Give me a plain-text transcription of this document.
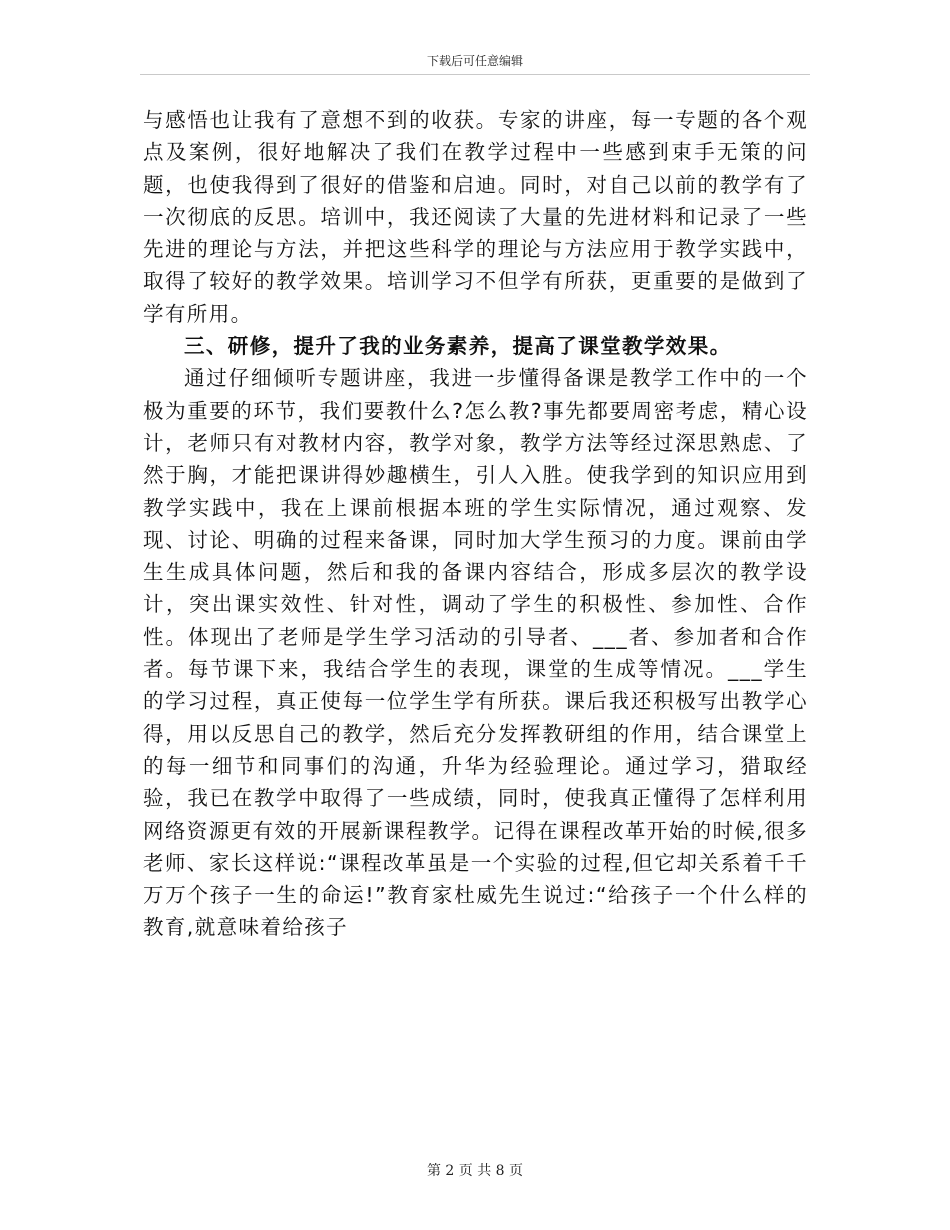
下载后可任意编辑

与感悟也让我有了意想不到的收获。专家的讲座，每一专题的各个观点及案例，很好地解决了我们在教学过程中一些感到束手无策的问题，也使我得到了很好的借鉴和启迪。同时，对自己以前的教学有了一次彻底的反思。培训中，我还阅读了大量的先进材料和记录了一些先进的理论与方法，并把这些科学的理论与方法应用于教学实践中，取得了较好的教学效果。培训学习不但学有所获，更重要的是做到了学有所用。

三、研修，提升了我的业务素养，提高了课堂教学效果。

通过仔细倾听专题讲座，我进一步懂得备课是教学工作中的一个极为重要的环节，我们要教什么?怎么教?事先都要周密考虑，精心设计，老师只有对教材内容，教学对象，教学方法等经过深思熟虑、了然于胸，才能把课讲得妙趣横生，引人入胜。使我学到的知识应用到教学实践中，我在上课前根据本班的学生实际情况，通过观察、发现、讨论、明确的过程来备课，同时加大学生预习的力度。课前由学生生成具体问题，然后和我的备课内容结合，形成多层次的教学设计，突出课实效性、针对性，调动了学生的积极性、参加性、合作性。体现出了老师是学生学习活动的引导者、___者、参加者和合作者。每节课下来，我结合学生的表现，课堂的生成等情况。___学生的学习过程，真正使每一位学生学有所获。课后我还积极写出教学心得，用以反思自己的教学，然后充分发挥教研组的作用，结合课堂上的每一细节和同事们的沟通，升华为经验理论。通过学习，猎取经验，我已在教学中取得了一些成绩，同时，使我真正懂得了怎样利用网络资源更有效的开展新课程教学。记得在课程改革开始的时候,很多老师、家长这样说:“课程改革虽是一个实验的过程,但它却关系着千千万万个孩子一生的命运!”教育家杜威先生说过:“给孩子一个什么样的教育,就意味着给孩子

第 2 页 共 8 页
